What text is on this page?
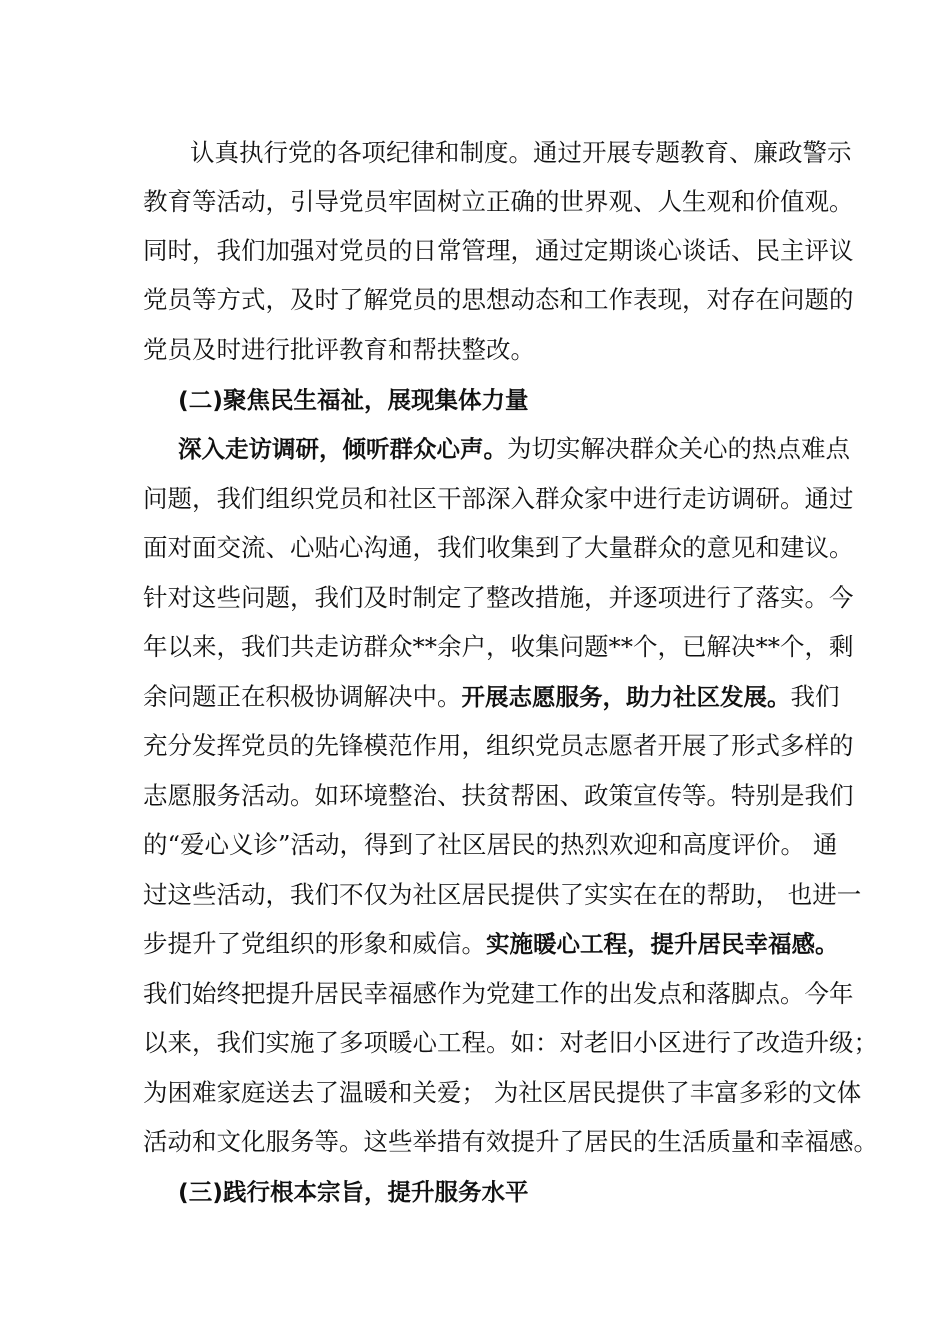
认真执行党的各项纪律和制度。通过开展专题教育、廉政警示
教育等活动，引导党员牢固树立正确的世界观、人生观和价值观。
同时，我们加强对党员的日常管理，通过定期谈心谈话、民主评议
党员等方式，及时了解党员的思想动态和工作表现，对存在问题的
党员及时进行批评教育和帮扶整改。
(二)聚焦民生福祉，展现集体力量
深入走访调研，倾听群众心声。为切实解决群众关心的热点难点
问题，我们组织党员和社区干部深入群众家中进行走访调研。通过
面对面交流、心贴心沟通，我们收集到了大量群众的意见和建议。
针对这些问题，我们及时制定了整改措施，并逐项进行了落实。今
年以来，我们共走访群众**余户，收集问题**个，已解决**个，剩
余问题正在积极协调解决中。开展志愿服务，助力社区发展。我们
充分发挥党员的先锋模范作用，组织党员志愿者开展了形式多样的
志愿服务活动。如环境整治、扶贫帮困、政策宣传等。特别是我们
的“爱心义诊”活动，得到了社区居民的热烈欢迎和高度评价。 通
过这些活动，我们不仅为社区居民提供了实实在在的帮助， 也进一
步提升了党组织的形象和威信。实施暖心工程，提升居民幸福感。
我们始终把提升居民幸福感作为党建工作的出发点和落脚点。今年
以来，我们实施了多项暖心工程。如：对老旧小区进行了改造升级；
为困难家庭送去了温暖和关爱； 为社区居民提供了丰富多彩的文体
活动和文化服务等。这些举措有效提升了居民的生活质量和幸福感。
(三)践行根本宗旨，提升服务水平
